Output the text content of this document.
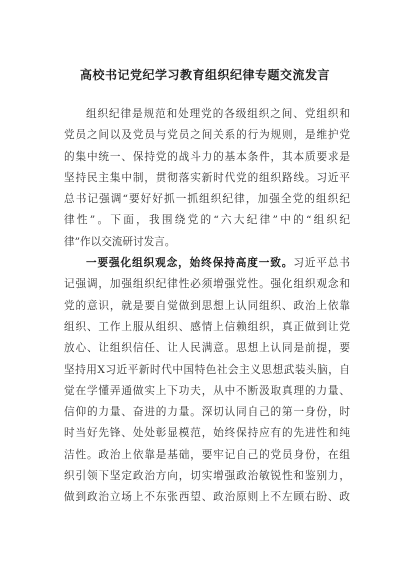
高校书记党纪学习教育组织纪律专题交流发言
组织纪律是规范和处理党的各级组织之间、党组织和
党员之间以及党员与党员之间关系的行为规则，是维护党
的集中统一、保持党的战斗力的基本条件，其本质要求是
坚持民主集中制，贯彻落实新时代党的组织路线。习近平
总书记强调“要好好抓一抓组织纪律，加强全党的组织纪
律性”。下面，我围绕党的“六大纪律”中的“组织纪
律”作以交流研讨发言。
一要强化组织观念，始终保持高度一致。习近平总书
记强调，加强组织纪律性必须增强党性。强化组织观念和
党的意识，就是要自觉做到思想上认同组织、政治上依靠
组织、工作上服从组织、感情上信赖组织，真正做到让党
放心、让组织信任、让人民满意。思想上认同是前提，要
坚持用Ⅹ习近平新时代中国特色社会主义思想武装头脑，自
觉在学懂弄通做实上下功夫，从中不断汲取真理的力量、
信仰的力量、奋进的力量。深切认同自己的第一身份，时
时当好先锋、处处彰显模范，始终保持应有的先进性和纯
洁性。政治上依靠是基础，要牢记自己的党员身份，在组
织引领下坚定政治方向，切实增强政治敏锐性和鉴别力，
做到政治立场上不东张西望、政治原则上不左顾右盼、政
